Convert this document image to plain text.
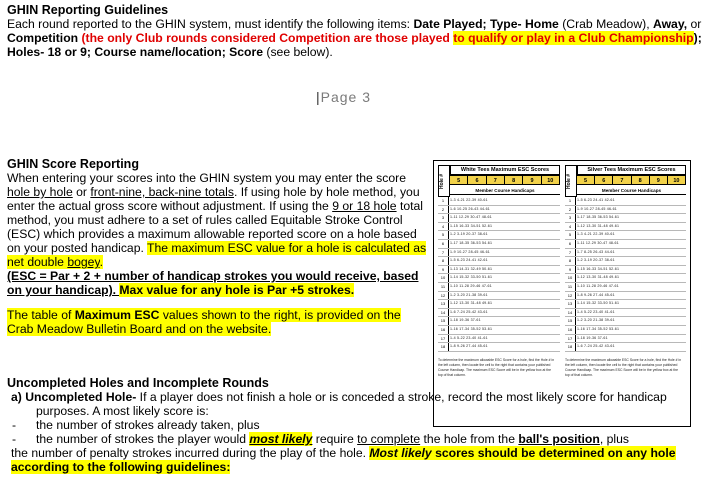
GHIN Reporting Guidelines
Each round reported to the GHIN system, must identify the following items: Date Played; Type- Home (Crab Meadow), Away, or
Competition (the only Club rounds considered Competition are those played to qualify or play in a Club Championship);
Holes- 18 or 9; Course name/location; Score (see below).
|Page 3
GHIN Score Reporting
When entering your scores into the GHIN system you may enter the score
hole by hole or front-nine, back-nine totals. If using hole by hole method, you
enter the actual gross score without adjustment. If using the 9 or 18 hole total
method, you must adhere to a set of rules called Equitable Stroke Control
(ESC) which provides a maximum allowable reported score on a hole based
on your posted handicap. The maximum ESC value for a hole is calculated as
net double bogey.
(ESC = Par + 2 + number of handicap strokes you would receive, based
on your handicap). Max value for any hole is Par +5 strokes.
The table of Maximum ESC values shown to the right, is provided on the
Crab Meadow Bulletin Board and on the website.
Hole #
White Tees Maximum ESC Scores
5	6	7	8	9	10
Member Course Handicaps
1	1-3 4-21 22-39 40-61
2	1-6 10-25 26-43 44-61
3	1-11 12-29 30-47 48-61
4	1-15 16-33 34-51 52-61
5	1-2 3-19 20-37 38-61
6	1-17 18-35 36-53 54-61
7	1-9 10-27 28-45 46-61
8	1-5 6-23 24-41 42-61
9	1-13 14-31 32-49 50-61
10	1-14 15-32 33-50 51-61
11	1-10 11-28 29-46 47-61
12	1-2 3-20 21-38 39-61
13	1-12 13-30 31-48 49-61
14	1-6 7-24 25-42 43-61
15	1-18 19-36 37-61
16	1-16 17-34 35-52 53-61
17	1-4 5-22 23-40 41-61
18	1-8 9-26 27-44 45-61
Hole #
Silver Tees Maximum ESC Scores
5	6	7	8	9	10
Member Course Handicaps
1	1-5 6-23 24-41 42-61
2	1-9 10-27 28-45 46-61
3	1-17 18-35 36-53 54-61
4	1-12 13-30 31-48 49-61
5	1-3 4-21 22-39 40-61
6	1-11 12-29 30-47 48-61
7	1-7 8-25 26-43 44-61
8	1-2 3-19 20-37 38-61
9	1-15 16-33 34-51 52-61
10	1-12 13-30 31-48 49-61
11	1-10 11-28 29-46 47-61
12	1-8 9-26 27-44 45-61
13	1-14 15-32 33-50 51-61
14	1-4 5-22 23-40 41-61
15	1-2 3-20 21-38 39-61
16	1-16 17-34 35-52 53-61
17	1-18 19-36 37-61
18	1-6 7-24 25-42 43-61
To determine the maximum allowable ESC Score for a hole, find the Hole # in the left column, then locate the cell to the right that contains your published Course Handicap. The maximum ESC Score will be in the yellow box at the top of that column.
To determine the maximum allowable ESC Score for a hole, find the Hole # in the left column, then locate the cell to the right that contains your published Course Handicap. The maximum ESC Score will be in the yellow box at the top of that column.
Uncompleted Holes and Incomplete Rounds
a) Uncompleted Hole- If a player does not finish a hole or is conceded a stroke, record the most likely score for handicap
purposes. A most likely score is:
- the number of strokes already taken, plus
- the number of strokes the player would most likely require to complete the hole from the ball's position, plus
the number of penalty strokes incurred during the play of the hole. Most likely scores should be determined on any hole
according to the following guidelines:
